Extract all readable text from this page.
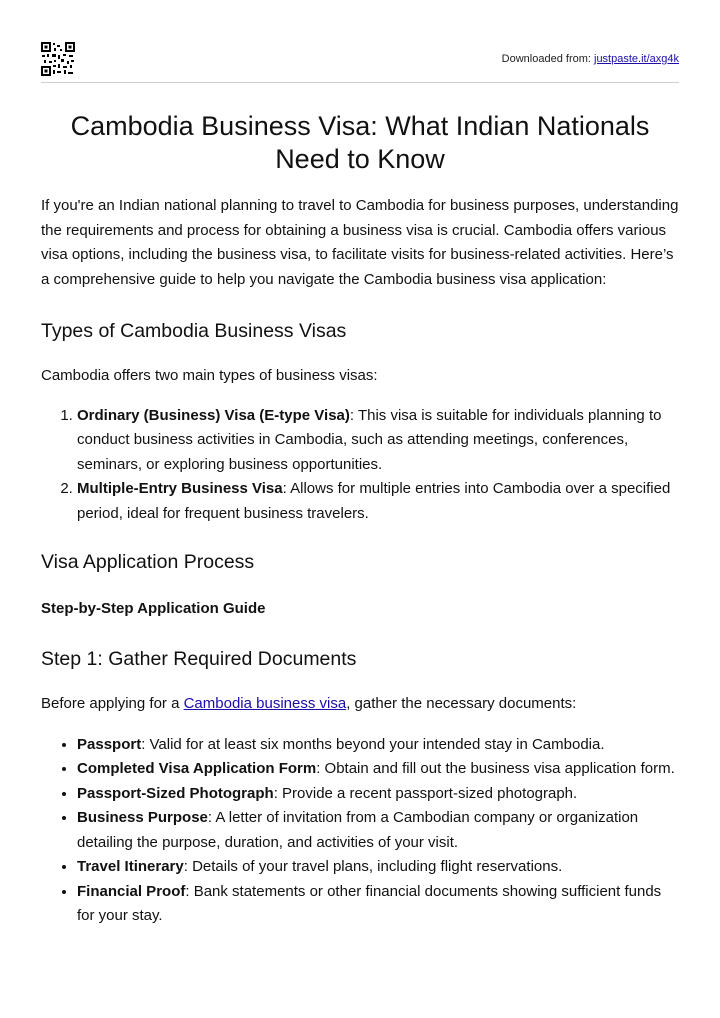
Downloaded from: justpaste.it/axg4k
Cambodia Business Visa: What Indian Nationals Need to Know

If you're an Indian national planning to travel to Cambodia for business purposes, understanding the requirements and process for obtaining a business visa is crucial. Cambodia offers various visa options, including the business visa, to facilitate visits for business-related activities. Here’s a comprehensive guide to help you navigate the Cambodia business visa application:

Types of Cambodia Business Visas

Cambodia offers two main types of business visas:

1. Ordinary (Business) Visa (E-type Visa): This visa is suitable for individuals planning to conduct business activities in Cambodia, such as attending meetings, conferences, seminars, or exploring business opportunities.
2. Multiple-Entry Business Visa: Allows for multiple entries into Cambodia over a specified period, ideal for frequent business travelers.
Visa Application Process
Step-by-Step Application Guide
Step 1: Gather Required Documents

Before applying for a Cambodia business visa, gather the necessary documents:

• Passport: Valid for at least six months beyond your intended stay in Cambodia.
• Completed Visa Application Form: Obtain and fill out the business visa application form.
• Passport-Sized Photograph: Provide a recent passport-sized photograph.
• Business Purpose: A letter of invitation from a Cambodian company or organization detailing the purpose, duration, and activities of your visit.
• Travel Itinerary: Details of your travel plans, including flight reservations.
• Financial Proof: Bank statements or other financial documents showing sufficient funds for your stay.
